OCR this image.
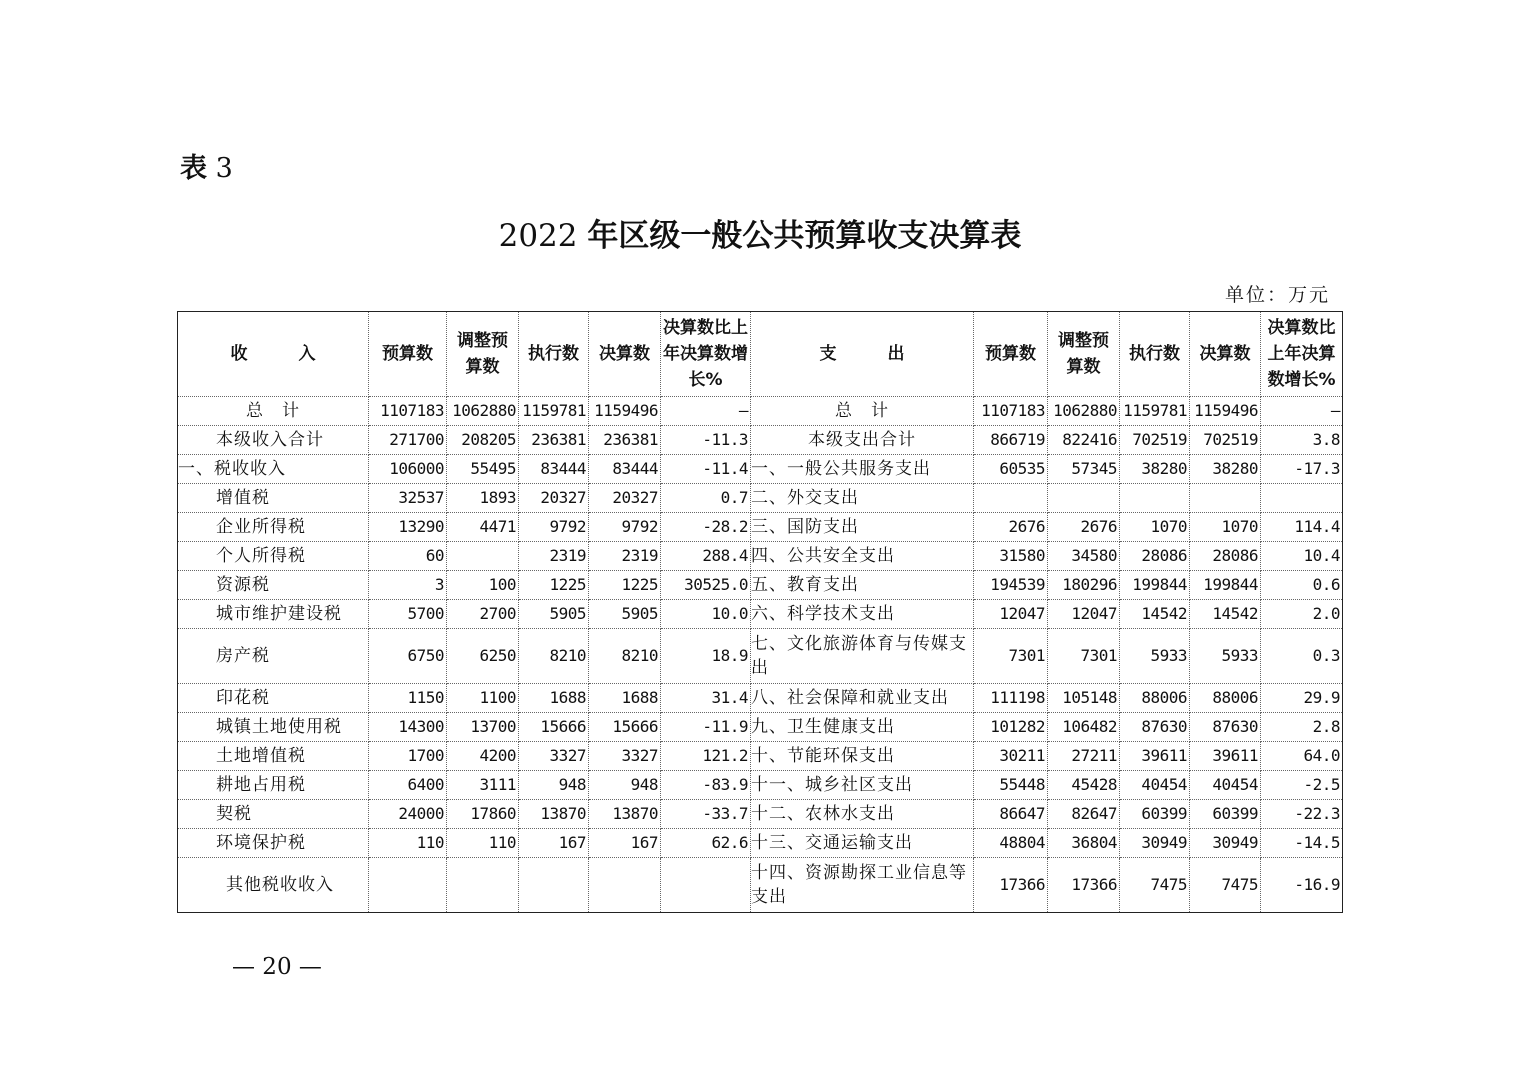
表 3
2022 年区级一般公共预算收支决算表
单位：万元
收　　　入	预算数	调整预算数	执行数	决算数	决算数比上年决算数增长%	支　　　出	预算数	调整预算数	执行数	决算数	决算数比上年决算数增长%
总　计	1107183	1062880	1159781	1159496	–	总　计	1107183	1062880	1159781	1159496	–
本级收入合计	271700	208205	236381	236381	-11.3	本级支出合计	866719	822416	702519	702519	3.8
一、税收收入	106000	55495	83444	83444	-11.4	一、一般公共服务支出	60535	57345	38280	38280	-17.3
增值税	32537	1893	20327	20327	0.7	二、外交支出					
企业所得税	13290	4471	9792	9792	-28.2	三、国防支出	2676	2676	1070	1070	114.4
个人所得税	60		2319	2319	288.4	四、公共安全支出	31580	34580	28086	28086	10.4
资源税	3	100	1225	1225	30525.0	五、教育支出	194539	180296	199844	199844	0.6
城市维护建设税	5700	2700	5905	5905	10.0	六、科学技术支出	12047	12047	14542	14542	2.0
房产税	6750	6250	8210	8210	18.9	七、文化旅游体育与传媒支出	7301	7301	5933	5933	0.3
印花税	1150	1100	1688	1688	31.4	八、社会保障和就业支出	111198	105148	88006	88006	29.9
城镇土地使用税	14300	13700	15666	15666	-11.9	九、卫生健康支出	101282	106482	87630	87630	2.8
土地增值税	1700	4200	3327	3327	121.2	十、节能环保支出	30211	27211	39611	39611	64.0
耕地占用税	6400	3111	948	948	-83.9	十一、城乡社区支出	55448	45428	40454	40454	-2.5
契税	24000	17860	13870	13870	-33.7	十二、农林水支出	86647	82647	60399	60399	-22.3
环境保护税	110	110	167	167	62.6	十三、交通运输支出	48804	36804	30949	30949	-14.5
其他税收收入						十四、资源勘探工业信息等支出	17366	17366	7475	7475	-16.9
— 20 —
